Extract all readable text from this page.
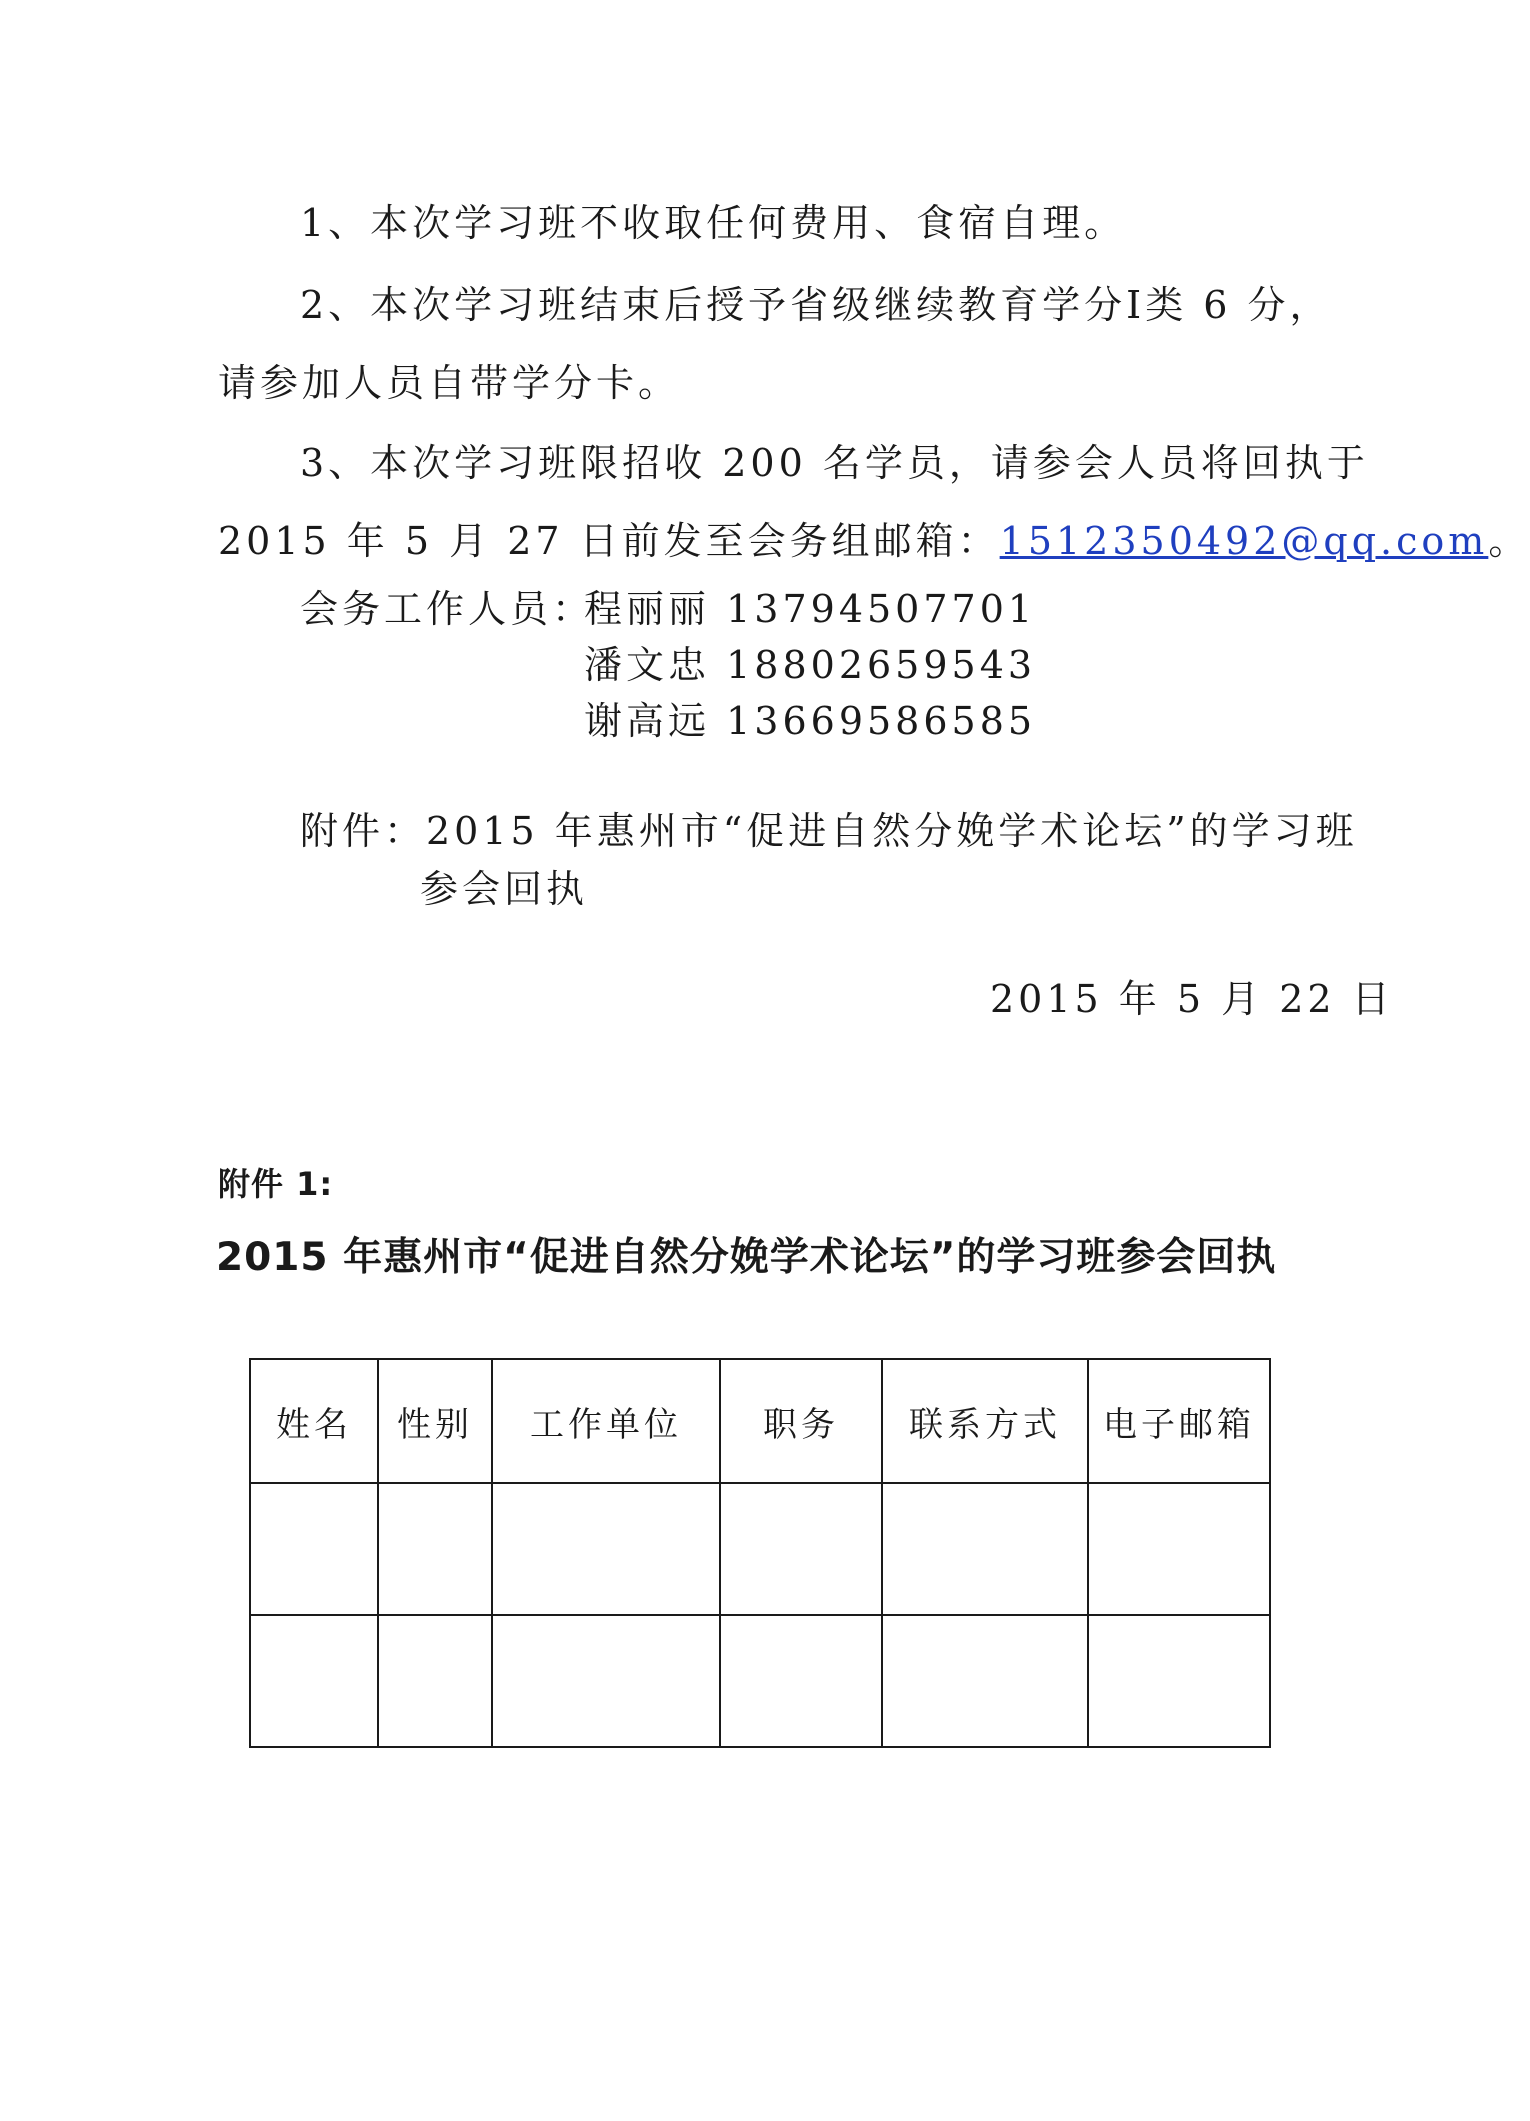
1、本次学习班不收取任何费用、食宿自理。
2、本次学习班结束后授予省级继续教育学分Ⅰ类 6 分，
请参加人员自带学分卡。
3、本次学习班限招收 200 名学员，请参会人员将回执于
2015 年 5 月 27 日前发至会务组邮箱：1512350492@qq.com。
会务工作人员：
程丽丽 13794507701
潘文忠 18802659543
谢高远 13669586585
附件：2015 年惠州市“促进自然分娩学术论坛”的学习班
参会回执
2015 年 5 月 22 日
附件 1:
2015 年惠州市“促进自然分娩学术论坛”的学习班参会回执
姓名	性别	工作单位	职务	联系方式	电子邮箱
